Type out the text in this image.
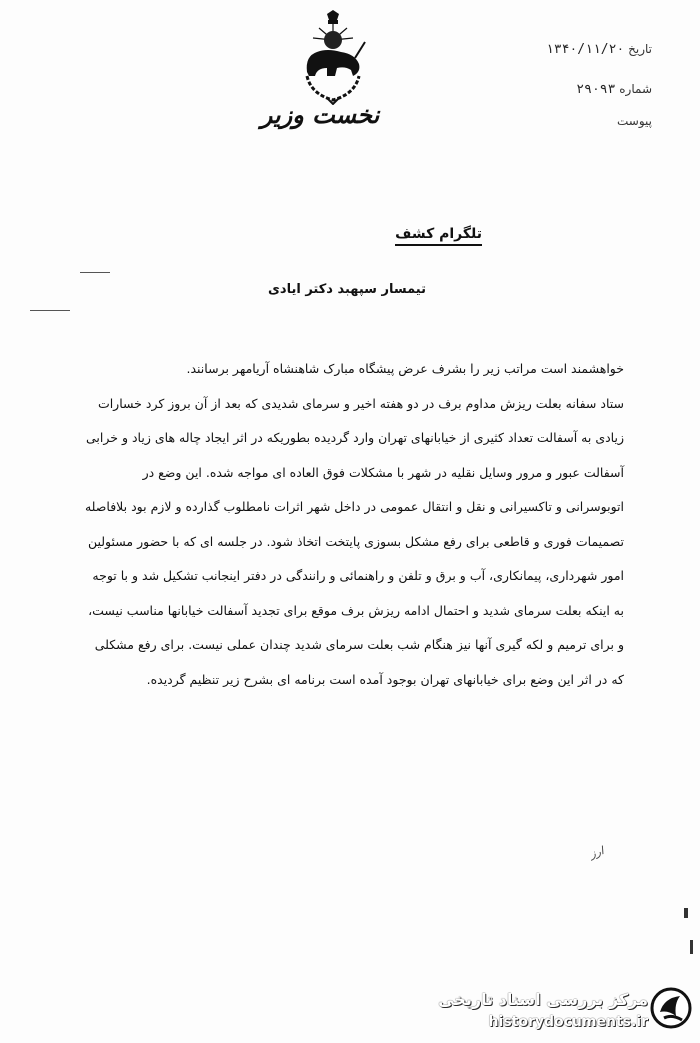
نخست وزیر
تاریخ ۱۳۴۰/۱۱/۲۰
شماره ۲۹۰۹۳
پیوست
تلگرام کشف
تیمسار سپهبد دکتر ایادی

خواهشمند است مراتب زیر را بشرف عرض پیشگاه مبارک شاهنشاه آریامهر برسانند.

ستاد سفانه بعلت ریزش مداوم برف در دو هفته اخیر و سرمای شدیدی که بعد از آن بروز کرد خسارات زیادی به آسفالت تعداد کثیری از خیابانهای تهران وارد گردیده بطوریکه در اثر ایجاد چاله های زیاد و خرابی آسفالت عبور و مرور وسایل نقلیه در شهر با مشکلات فوق العاده ای مواجه شده. این وضع در اتوبوسرانی و تاکسیرانی و نقل و انتقال عمومی در داخل شهر اثرات نامطلوب گذارده و لازم بود بلافاصله تصمیمات فوری و قاطعی برای رفع مشکل بسوزی پایتخت اتخاذ شود. در جلسه ای که با حضور مسئولین امور شهرداری، پیمانکاری، آب و برق و تلفن و راهنمائی و رانندگی در دفتر اینجانب تشکیل شد و با توجه به اینکه بعلت سرمای شدید و احتمال ادامه ریزش برف موقع برای تجدید آسفالت خیابانها مناسب نیست، و برای ترمیم و لکه گیری آنها نیز هنگام شب بعلت سرمای شدید چندان عملی نیست. برای رفع مشکلی که در اثر این وضع برای خیابانهای تهران بوجود آمده است برنامه ای بشرح زیر تنظیم گردیده.

ارز
مرکز بررسی اسناد تاریخی
historydocuments.ir
